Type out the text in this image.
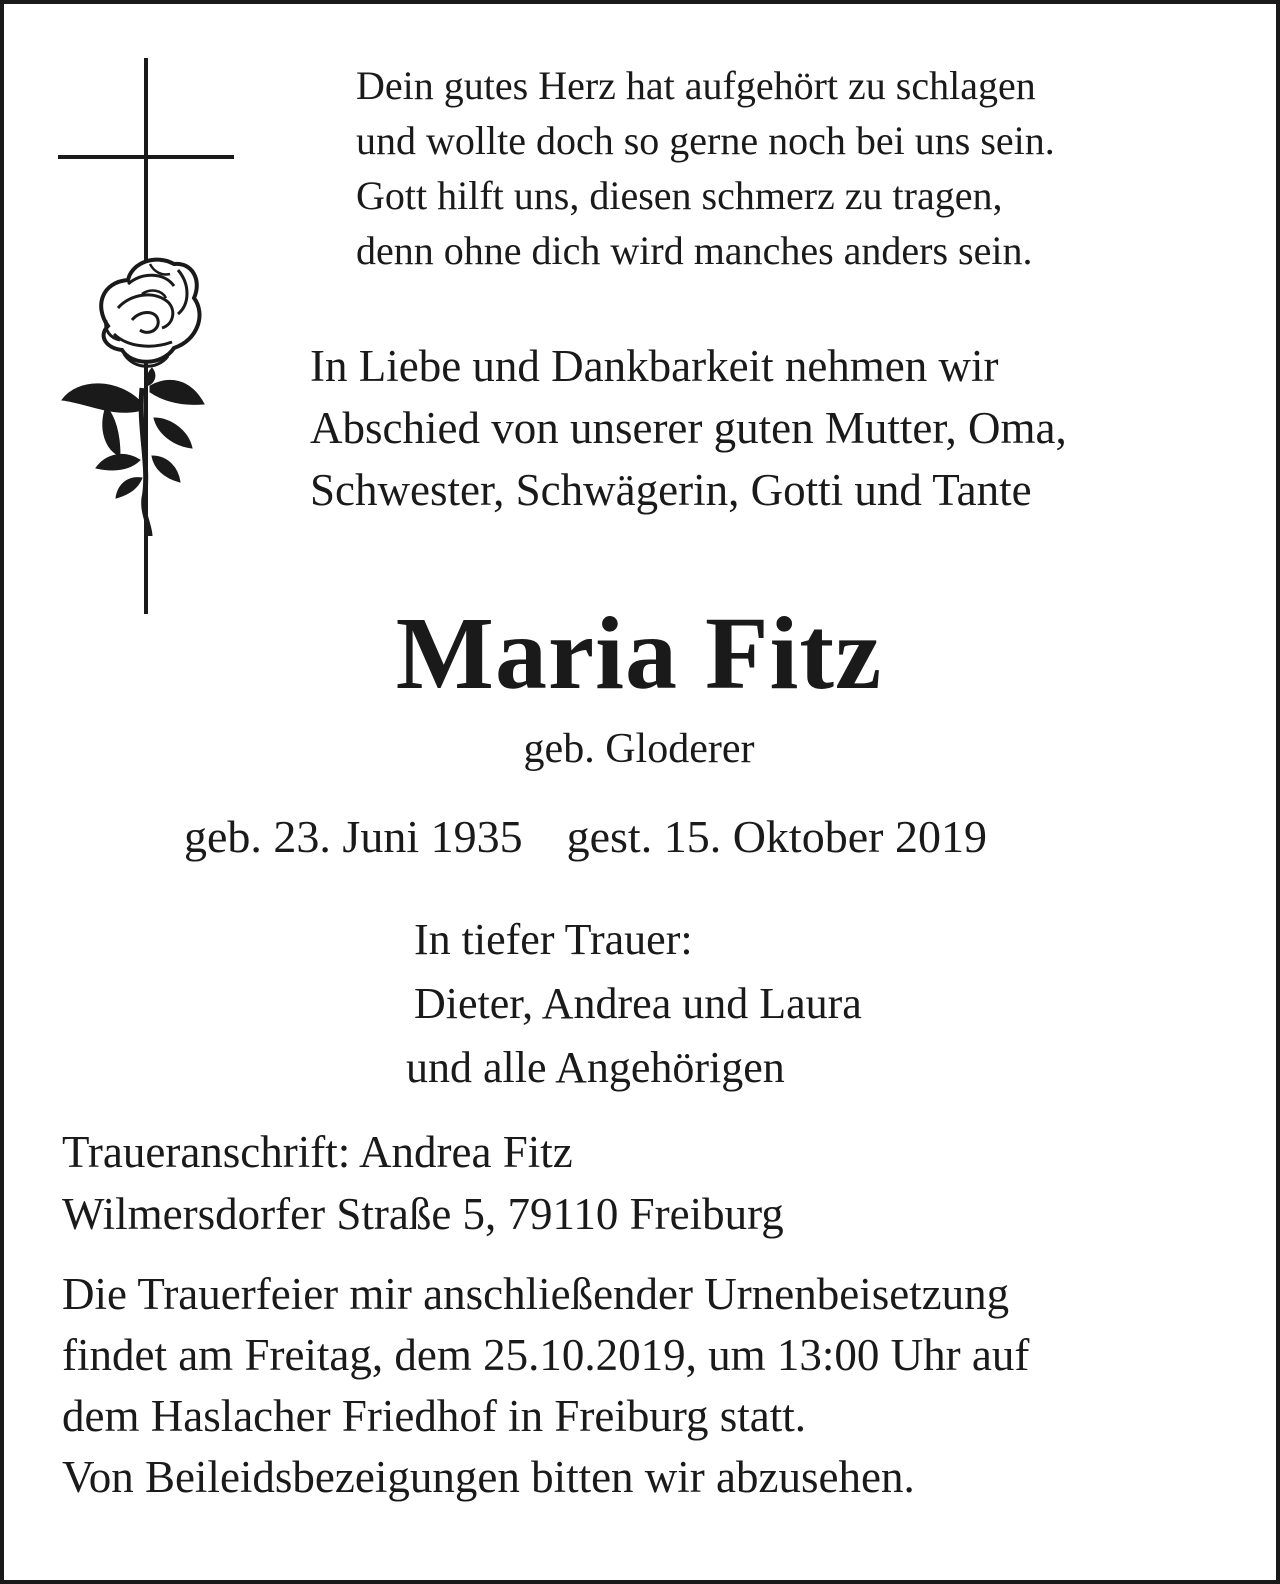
Dein gutes Herz hat aufgehört zu schlagen
und wollte doch so gerne noch bei uns sein.
Gott hilft uns, diesen schmerz zu tragen,
denn ohne dich wird manches anders sein.
In Liebe und Dankbarkeit nehmen wir
Abschied von unserer guten Mutter, Oma,
Schwester, Schwägerin, Gotti und Tante
Maria Fitz
geb. Gloderer
geb. 23. Juni 1935 gest. 15. Oktober 2019
In tiefer Trauer:
Dieter, Andrea und Laura
und alle Angehörigen
Traueranschrift: Andrea Fitz
Wilmersdorfer Straße 5, 79110 Freiburg
Die Trauerfeier mir anschließender Urnenbeisetzung
findet am Freitag, dem 25.10.2019, um 13:00 Uhr auf
dem Haslacher Friedhof in Freiburg statt.
Von Beileidsbezeigungen bitten wir abzusehen.
